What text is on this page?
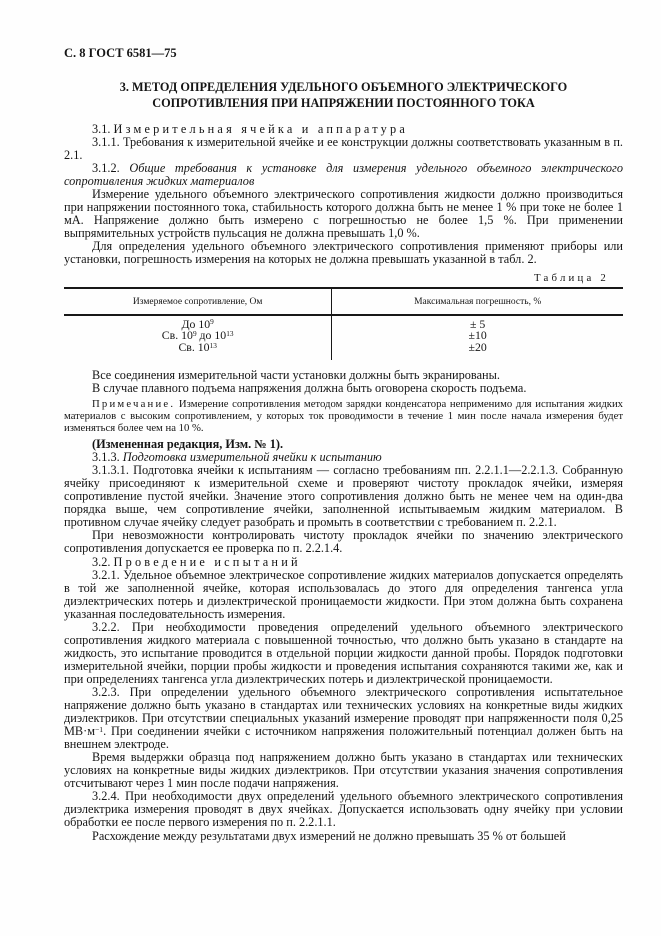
С. 8 ГОСТ 6581—75
3. МЕТОД ОПРЕДЕЛЕНИЯ УДЕЛЬНОГО ОБЪЕМНОГО ЭЛЕКТРИЧЕСКОГО
СОПРОТИВЛЕНИЯ ПРИ НАПРЯЖЕНИИ ПОСТОЯННОГО ТОКА

3.1. Измерительная ячейка и аппаратура

3.1.1. Требования к измерительной ячейке и ее конструкции должны соответствовать указанным в п. 2.1.

3.1.2. Общие требования к установке для измерения удельного объемного электрического сопротивления жидких материалов

Измерение удельного объемного электрического сопротивления жидкости должно производиться при напряжении постоянного тока, стабильность которого должна быть не менее 1 % при токе не более 1 мА. Напряжение должно быть измерено с погрешностью не более 1,5 %. При применении выпрямительных устройств пульсация не должна превышать 1,0 %.

Для определения удельного объемного электрического сопротивления применяют приборы или установки, погрешность измерения на которых не должна превышать указанной в табл. 2.

Таблица 2
Измеряемое сопротивление, Ом	Максимальная погрешность, %
До $10^9$
Св. $10^9$ до $10^{13}$
Св. $10^{13}$
± 5
±10
±20

Все соединения измерительной части установки должны быть экранированы.

В случае плавного подъема напряжения должна быть оговорена скорость подъема.

Примечание. Измерение сопротивления методом зарядки конденсатора неприменимо для испытания жидких материалов с высоким сопротивлением, у которых ток проводимости в течение 1 мин после начала измерения будет изменяться более чем на 10 %.

(Измененная редакция, Изм. № 1).

3.1.3. Подготовка измерительной ячейки к испытанию

3.1.3.1. Подготовка ячейки к испытаниям — согласно требованиям пп. 2.2.1.1—2.2.1.3. Собранную ячейку присоединяют к измерительной схеме и проверяют чистоту прокладок ячейки, измеряя сопротивление пустой ячейки. Значение этого сопротивления должно быть не менее чем на один-два порядка выше, чем сопротивление ячейки, заполненной испытываемым жидким материалом. В противном случае ячейку следует разобрать и промыть в соответствии с требованием п. 2.2.1.

При невозможности контролировать чистоту прокладок ячейки по значению электрического сопротивления допускается ее проверка по п. 2.2.1.4.

3.2. Проведение испытаний

3.2.1. Удельное объемное электрическое сопротивление жидких материалов допускается определять в той же заполненной ячейке, которая использовалась до этого для определения тангенса угла диэлектрических потерь и диэлектрической проницаемости жидкости. При этом должна быть сохранена указанная последовательность измерения.

3.2.2. При необходимости проведения определений удельного объемного электрического сопротивления жидкого материала с повышенной точностью, что должно быть указано в стандарте на жидкость, это испытание проводится в отдельной порции жидкости данной пробы. Порядок подготовки измерительной ячейки, порции пробы жидкости и проведения испытания сохраняются такими же, как и при определениях тангенса угла диэлектрических потерь и диэлектрической проницаемости.

3.2.3. При определении удельного объемного электрического сопротивления испытательное напряжение должно быть указано в стандартах или технических условиях на конкретные виды жидких диэлектриков. При отсутствии специальных указаний измерение проводят при напряженности поля 0,25 $МВ\cdot м^{-1}$. При соединении ячейки с источником напряжения положительный потенциал должен быть на внешнем электроде.

Время выдержки образца под напряжением должно быть указано в стандартах или технических условиях на конкретные виды жидких диэлектриков. При отсутствии указания значения сопротивления отсчитывают через 1 мин после подачи напряжения.

3.2.4. При необходимости двух определений удельного объемного электрического сопротивления диэлектрика измерения проводят в двух ячейках. Допускается использовать одну ячейку при условии обработки ее после первого измерения по п. 2.2.1.1.

Расхождение между результатами двух измерений не должно превышать 35 % от большей
